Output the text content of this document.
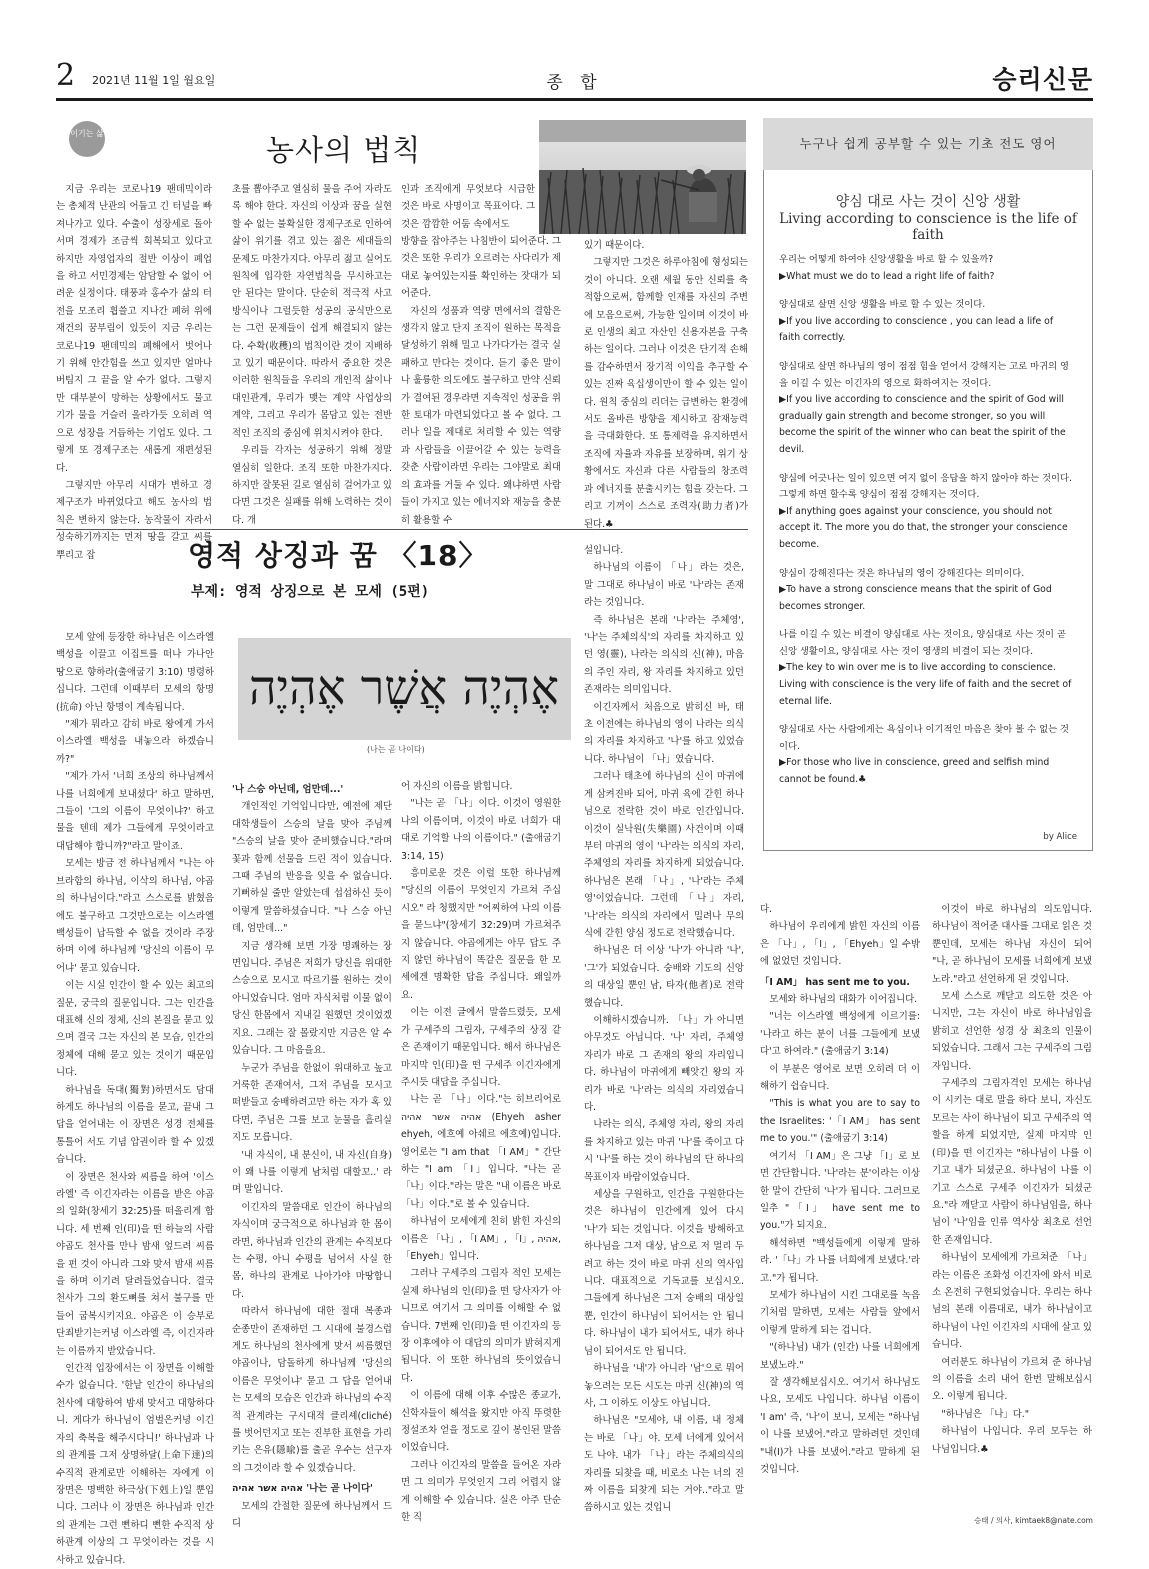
2 2021년 11월 1일 월요일	종 합	승리신문
이기는 삶	농사의 법칙

지금 우리는 코로나19 팬데믹이라는 총체적 난관의 어둡고 긴 터널을 빠져나가고 있다. 수출이 성장세로 돌아서며 경제가 조금씩 회복되고 있다고 하지만 자영업자의 절반 이상이 폐업을 하고 서민경제는 암담할 수 없이 어려운 실정이다. 태풍과 홍수가 삶의 터전을 모조리 휩쓸고 지나간 폐허 위에 재건의 꿈부림이 있듯이 지금 우리는 코로나19 팬데믹의 폐해에서 벗어나기 위해 안간힘을 쓰고 있지만 얼마나 버팀지 그 끝을 알 수가 없다. 그렇지만 대부분이 망하는 상황에서도 물고기가 물을 거슬러 올라가듯 오히려 역으로 성장을 거듭하는 기업도 있다. 그렇게 또 경제구조는 새롭게 재편성된다.

그렇지만 아무리 시대가 변하고 경제구조가 바뀌었다고 해도 농사의 법칙은 변하지 않는다. 농작물이 자라서 성숙하기까지는 먼저 땅을 갈고 씨를 뿌리고 잡

초를 뽑아주고 열심히 물을 주어 자라도록 해야 한다. 자신의 이상과 꿈을 실현할 수 없는 불확실한 경제구조로 인하여 삶이 위기를 겪고 있는 젊은 세대들의 문제도 마찬가지다. 아무리 젊고 실어도 원칙에 입각한 자연법칙을 무시하고는 안 된다는 말이다. 단순히 적극적 사고방식이나 그럴듯한 성공의 공식만으로는 그런 문제들이 쉽게 해결되지 않는다. 수확(收穫)의 법칙이란 것이 지배하고 있기 때문이다. 따라서 중요한 것은 이러한 원칙들을 우리의 개인적 삶이나 대인관계, 우리가 맺는 계약 사업상의 계약, 그리고 우리가 몸담고 있는 전반적인 조직의 중심에 위치시켜야 한다.

우리들 각자는 성공하기 위해 정말 열심히 일한다. 조직 또한 마찬가지다. 하지만 잘못된 길로 열심히 걸어가고 있다면 그것은 실패를 위해 노력하는 것이다. 개

인과 조직에게 무엇보다 시급한 것은 바로 사명이고 목표이다. 그것은 깜깜한 어둠 속에서도

방향을 잡아주는 나침반이 되어준다. 그것은 또한 우리가 오르려는 사다리가 제대로 놓여있는지를 확인하는 잣대가 되어준다.

자신의 성품과 역량 면에서의 결함은 생각지 않고 단지 조직이 원하는 목적을 달성하기 위해 밀고 나가다가는 결국 실패하고 만다는 것이다. 듣기 좋은 말이나 훌륭한 의도에도 불구하고 만약 신뢰가 결여된 경우라면 지속적인 성공을 위한 토대가 마련되었다고 볼 수 없다. 그러나 일을 제대로 처리할 수 있는 역량과 사람들을 이끌어갈 수 있는 능력을 갖춘 사람이라면 우리는 그야말로 최대의 효과를 거둘 수 있다. 왜냐하면 사람들이 가지고 있는 에너지와 재능을 충분히 활용할 수

있기 때문이다.

그렇지만 그것은 하루아침에 형성되는 것이 아니다. 오랜 세월 동안 신뢰를 축적함으로써, 함께할 인재를 자신의 주변에 모음으로써, 가능한 일이며 이것이 바로 인생의 최고 자산인 신용자본을 구축하는 일이다. 그러나 이것은 단기적 손해를 감수하면서 장기적 이익을 추구할 수 있는 진짜 육십생이만이 할 수 있는 일이다. 원칙 중심의 리더는 급변하는 환경에서도 올바른 방향을 제시하고 잠재능력을 극대화한다. 또 통제력을 유지하면서 조직에 자율과 자유를 보장하며, 위기 상황에서도 자신과 다른 사람들의 창조력과 에너지를 분출시키는 힘을 갖는다. 그리고 기꺼이 스스로 조력자(助力者)가 된다.♣

영적 상징과 꿈 〈18〉
부제: 영적 상징으로 본 모세 (5편)
אֶהְיֶה אֲשֶׁר אֶהְיֶה
(나는 곧 나이다)

모세 앞에 등장한 하나님은 이스라엘 백성을 이끌고 이집트를 떠나 가나안 땅으로 향하라(출애굽기 3:10) 명령하십니다. 그런데 이때부터 모세의 항명(抗命) 아닌 항명이 계속됩니다.

"제가 뭐라고 감히 바로 왕에게 가서 이스라엘 백성을 내놓으라 하겠습니까?"

"제가 가서 '너희 조상의 하나님께서 나를 너희에게 보내셨다' 하고 말하면, 그들이 '그의 이름이 무엇이냐?' 하고 물을 텐데 제가 그들에게 무엇이라고 대답해야 합니까?"라고 말이죠.

모세는 방금 전 하나님께서 "나는 아브라함의 하나님, 이삭의 하나님, 야곱의 하나님이다."라고 스스로를 밝혔음에도 불구하고 그것만으로는 이스라엘 백성들이 납득할 수 없을 것이라 주장하며 이에 하나님께 '당신의 이름이 무어냐' 묻고 있습니다.

이는 시실 인간이 할 수 있는 최고의 질문, 궁극의 질문입니다. 그는 인간을 대표해 신의 정체, 신의 본질을 묻고 있으며 결국 그는 자신의 본 모습, 인간의 정체에 대해 묻고 있는 것이기 때문입니다.

하나님을 독대(獨對)하면서도 담대하게도 하나님의 이름을 묻고, 끝내 그 답을 얻어내는 이 장면은 성경 전체를 통틀어 서도 기념 압권이라 할 수 있겠습니다.

이 장면은 천사와 씨름을 하여 '이스라엘' 즉 이긴자라는 이름을 받은 야곱의 일화(창세기 32:25)를 떠올리게 합니다. 세 번째 인(印)을 떤 하늘의 사람 야곱도 천사를 만나 밤새 엎드려 씨름을 펀 것이 아니라 그와 맞서 밤새 씨름을 하며 이기려 달려들었습니다. 결국 천사가 그의 환도뼈를 쳐서 불구를 만들어 굽복시키지요. 야곱은 이 승부로 단죄받기는커녕 이스라엘 즉, 이긴자라는 이름까지 받았습니다.

인간적 입장에서는 이 장면을 이해할 수가 없습니다. '한낱 인간이 하나님의 천사에 대항하여 밤새 맞서고 대항하다니. 게다가 하나님이 엄벌은커녕 이긴자의 축복을 해주시다니!' 하나님과 나의 관계를 그저 상명하달(上命下達)의 수직적 관계로만 이해하는 자에게 이 장면은 명백한 하극상(下剋上)일 뿐입니다. 그러나 이 장면은 하나님과 인간의 관계는 그런 뻔하디 뻔한 수직적 상하관계 이상의 그 무엇이라는 것을 시사하고 있습니다.

'나 스승 아닌데, 엄만데...'

개인적인 기억입니다만, 예전에 제단 대학생들이 스승의 날을 맞아 주님께 "스승의 날을 맞아 준비했습니다."라며 꽃과 함께 선물을 드린 적이 있습니다. 그때 주님의 반응을 잊을 수 없습니다. 기뻐하실 줄만 알았는데 섭섭하신 듯이 이렇게 말씀하셨습니다. "나 스승 아닌데, 엄만데..."

지금 생각해 보면 가장 명쾌하는 장면입니다. 주님은 저희가 당신을 위대한 스승으로 모시고 따르기를 원하는 것이 아니었습니다. 엄마 자식처럼 이물 없이 당신 한몸에서 지내길 원했던 것이었겠지요. 그래는 잘 몰랐지만 지금은 알 수 있습니다. 그 마음을요.

누군가 주님을 한없이 위대하고 높고 거룩한 존재여서, 그저 주님을 모시고 떠받들고 숭배하려고만 하는 자가 혹 있다면, 주님은 그를 보고 눈물을 흘리실지도 모릅니다.

'내 자식이, 내 분신이, 내 자신(自身)이 왜 나를 이렇게 남처럼 대할꼬..' 라며 말입니다.

이긴자의 말씀대로 인간이 하나님의 자식이며 궁극적으로 하나님과 한 몸이라면, 하나님과 인간의 관계는 수직보다는 수평, 아니 수평을 넘어서 사실 한 몸, 하나의 관계로 나아가야 마땅합니다.

따라서 하나님에 대한 절대 복종과 순종만이 존재하던 그 시대에 불경스럽게도 하나님의 천사에게 맞서 씨름했던 야곱이나, 담돌하게 하나님께 '당신의 이름은 무엇이냐' 묻고 그 답을 얻어내는 모세의 모습은 인간과 하나님의 수직적 관계라는 구시대적 클리셰(cliché)를 벗어던지고 또는 진부한 표현을 가리키는 은유(隱喩)를 출곧 우수는 선구자의 그것이라 할 수 있겠습니다.

אהיה אשר אהיה '나는 곧 나이다'

모세의 간절한 질문에 하나님께서 드디

어 자신의 이름을 밝힙니다.

"나는 곧 「나」이다. 이것이 영원한 나의 이름이며, 이것이 바로 너희가 대대로 기억할 나의 이름이다." (출애굽기 3:14, 15)

흥미로운 것은 이럴 또한 하나님께 "당신의 이름이 무엇인지 가르쳐 주십시오" 라 청했지만 "어찌하여 나의 이름을 묻느냐"(창세기 32:29)며 가르쳐주지 않습니다. 야곱에게는 아무 답도 주지 않던 하나님이 똑같은 질문을 한 모세에겐 명확한 답을 주십니다. 왜일까요.

이는 이전 글에서 말씀드렸듯, 모세가 구세주의 그림자, 구세주의 상징 같은 존재이기 때문입니다. 해서 하나님은 마지막 인(印)을 떤 구세주 이긴자에게 주시듯 대답을 주십니다.

나는 곧 「나」이다."는 히브리어로 אהיה אשר אהיה (Ehyeh asher ehyeh, 에흐예 아쉐르 에흐예)입니다. 영어로는 "I am that 「I AM」" 간단하는 "I am 「I」입니다. "나는 곧 「나」이다."라는 말은 "내 이름은 바로 「나」이다."로 볼 수 있습니다.

하나님이 모세에게 친히 밝힌 자신의 이름은 「나」, 「I AM」, 「I」, אהיה, 「Ehyeh」입니다.

그러나 구세주의 그림자 적인 모세는 실제 하나님의 인(印)을 떤 당사자가 아니므로 여기서 그 의미를 이해할 수 없습니다. 7번째 인(印)을 떤 이긴자의 등장 이후에야 이 대답의 의미가 밝혀지게 됩니다. 이 또한 하나님의 뜻이었습니다.

이 이름에 대해 이후 수많은 종교가, 신학자들이 해석을 왔지만 아직 뚜렷한 정설조차 얻을 정도로 깊이 봉인된 말씀이었습니다.

그러나 이긴자의 말씀을 들어온 자라면 그 의미가 무엇인지 그리 어렵지 않게 이해할 수 있습니다. 실은 아주 단순한 직

설입니다.

하나님의 이름이 「나」라는 것은, 말 그대로 하나님이 바로 '나'라는 존재라는 것입니다.

즉 하나님은 본래 '나'라는 주체영', '나'는 주체의식'의 자리를 차지하고 있던 영(靈), 나라는 의식의 신(神), 마음의 주인 자리, 왕 자리를 차지하고 있던 존재라는 의미입니다.

이긴자께서 처음으로 밝히신 바, 태초 이전에는 하나님의 영이 나라는 의식의 자리를 차지하고 '나'를 하고 있었습니다. 하나님이 「나」였습니다.

그러나 태초에 하나님의 신이 마귀에게 삼켜진바 되어, 마귀 육에 갇힌 하나님으로 전락한 것이 바로 인간입니다. 이것이 실낙원(失樂園) 사건이며 이때부터 마귀의 영이 '나'라는 의식의 자리, 주체영의 자리를 차지하게 되었습니다. 하나님은 본래 「나」, '나'라는 주체영'이었습니다. 그런데 「나」자리, '나'라는 의식의 자리에서 밀려나 무의식에 갇힌 양심 정도로 전락했습니다.

하나님은 더 이상 '나'가 아니라 '나', '그'가 되었습니다. 숭배와 기도의 신앙의 대상일 뿐인 남, 타자(他者)로 전락했습니다.

이해하시겠습니까. 「나」가 아니면 아무것도 아닙니다. '나' 자리, 주체영 자리가 바로 그 존재의 왕의 자리입니다. 하나님이 마귀에게 빼앗긴 왕의 자리가 바로 '나'라는 의식의 자리였습니다.

나라는 의식, 주체영 자리, 왕의 자리를 차지하고 있는 마귀 '나'를 죽이고 다시 '나'를 하는 것이 하나님의 단 하나의 목표이자 바람이었습니다.

세상을 구원하고, 인간을 구원한다는 것은 하나님이 인간에게 있어 다시 '나'가 되는 것입니다. 이것을 방해하고 하나님을 그저 대상, 남으로 저 멀리 두려고 하는 것이 바로 마귀 신의 역사입니다. 대표적으로 기독교를 보십시오. 그들에게 하나님은 그저 숭배의 대상일 뿐, 인간이 하나님이 되어서는 안 됩니다. 하나님이 내가 되어서도, 내가 하나님이 되어서도 안 됩니다.

하나님을 '내'가 아니라 '남'으로 뭐어 놓으려는 모든 시도는 마귀 신(神)의 역사, 그 이하도 이상도 아닙니다.

하나님은 "모세야, 내 이름, 내 정체는 바로 「나」야. 모세 너에게 있어서도 나야. 내가 「나」라는 주체의식의 자리를 되찾을 때, 비로소 나는 너의 진짜 이름을 되찾게 되는 거야.."라고 말씀하시고 있는 것입니

누구나 쉽게 공부할 수 있는 기초 전도 영어
양심 대로 사는 것이 신앙 생활
Living according to conscience is the life of faith
우리는 어떻게 하여야 신앙생활을 바로 할 수 있을까?
▶What must we do to lead a right life of faith?
양심대로 살면 신앙 생활을 바로 할 수 있는 것이다.
▶If you live according to conscience , you can lead a life of faith correctly.
양심대로 살면 하나님의 영이 점점 힘을 얻어서 강해지는 고로 마귀의 영을 이길 수 있는 이긴자의 영으로 화하여지는 것이다.
▶If you live according to conscience and the spirit of God will gradually gain strength and become stronger, so you will become the spirit of the winner who can beat the spirit of the devil.
양심에 어긋나는 일이 있으면 여지 없이 응답을 하지 않아야 하는 것이다. 그렇게 하면 할수록 양심이 점점 강해지는 것이다.
▶If anything goes against your conscience, you should not accept it. The more you do that, the stronger your conscience become.
양심이 강해진다는 것은 하나님의 영이 강해진다는 의미이다.
▶To have a strong conscience means that the spirit of God becomes stronger.
나를 이길 수 있는 비결이 양심대로 사는 것이요, 양심대로 사는 것이 곧 신앙 생활이요, 양심대로 사는 것이 영생의 비결이 되는 것이다.
▶The key to win over me is to live according to conscience. Living with conscience is the very life of faith and the secret of eternal life.
양심대로 사는 사람에게는 욕심이나 이기적인 마음은 찾아 볼 수 없는 것이다.
▶For those who live in conscience, greed and selfish mind cannot be found.♣
by Alice

다.

하나님이 우리에게 밝힌 자신의 이름은 「나」, 「I」, 「Ehyeh」일 수밖에 없었던 것입니다.

「I AM」 has sent me to you.

모세와 하나님의 대화가 이어집니다.

"너는 이스라엘 백성에게 이르기를: '나라고 하는 분이 너를 그들에게 보냈다'고 하여라." (출애굽기 3:14)

이 부분은 영어로 보면 오히려 더 이해하기 쉽습니다.

"This is what you are to say to the Israelites: '「I AM」 has sent me to you.'" (출애굽기 3:14)

여기서 「I AM」은 그냥 「I」로 보면 간단합니다. '나'라는 분'이라는 이상한 말이 간단히 '나'가 됩니다. 그러므로 일추 "「I」 have sent me to you."가 되지요.

해석하면 "백성들에게 이렇게 말하라. '「나」가 나를 너희에게 보냈다.'라고."가 됩니다.

모세가 하나님이 시킨 그대로를 녹음기처럼 말하면, 모세는 사람들 앞에서 이렇게 말하게 되는 겁니다.

"(하나님) 내가 (인간) 나를 너희에게 보냈노라."

잘 생각해보십시오. 여기서 하나님도 나요, 모세도 나입니다. 하나님 이름이 'I am' 즉, '나'이 보니, 모세는 "하나님이 나를 보냈어."라고 말하려던 것인데 "내(I)가 나를 보냈어."라고 말하게 된 것입니다.

이것이 바로 하나님의 의도입니다. 하나님이 적어준 대사를 그대로 읽은 것뿐인데, 모세는 하나님 자신이 되어 "나, 곧 하나님이 모세를 너희에게 보냈노라."라고 선언하게 된 것입니다.

모세 스스로 깨닫고 의도한 것은 아니지만, 그는 자신이 바로 하나님임을 밝히고 선언한 성경 상 최초의 인물이 되었습니다. 그래서 그는 구세주의 그림자입니다.

구세주의 그림자격인 모세는 하나님이 시키는 대로 말을 하다 보니, 자신도 모르는 사이 하나님이 되고 구세주의 역할을 하게 되었지만, 실제 마지막 인(印)을 떤 이긴자는 "하나님이 나를 이기고 내가 되셨군요. 하나님이 나를 이기고 스스로 구세주 이긴자가 되셨군요."라 깨닫고 사람이 하나님임을, 하나님이 '나'임을 인류 역사상 최초로 선언한 존재입니다.

하나님이 모세에게 가르쳐준 「나」라는 이름은 조화성 이긴자에 와서 비로소 온전히 구현되었습니다. 우리는 하나님의 본래 이름대로, 내가 하나님이고 하나님이 나인 이긴자의 시대에 살고 있습니다.

여러분도 하나님이 가르쳐 준 하나님의 이름을 소리 내어 한번 말해보십시오. 이렇게 됩니다.

"하나님은 「나」다."

하나님이 나입니다. 우리 모두는 하나님입니다.♣

승태 / 의사, kimtaek8@nate.com
